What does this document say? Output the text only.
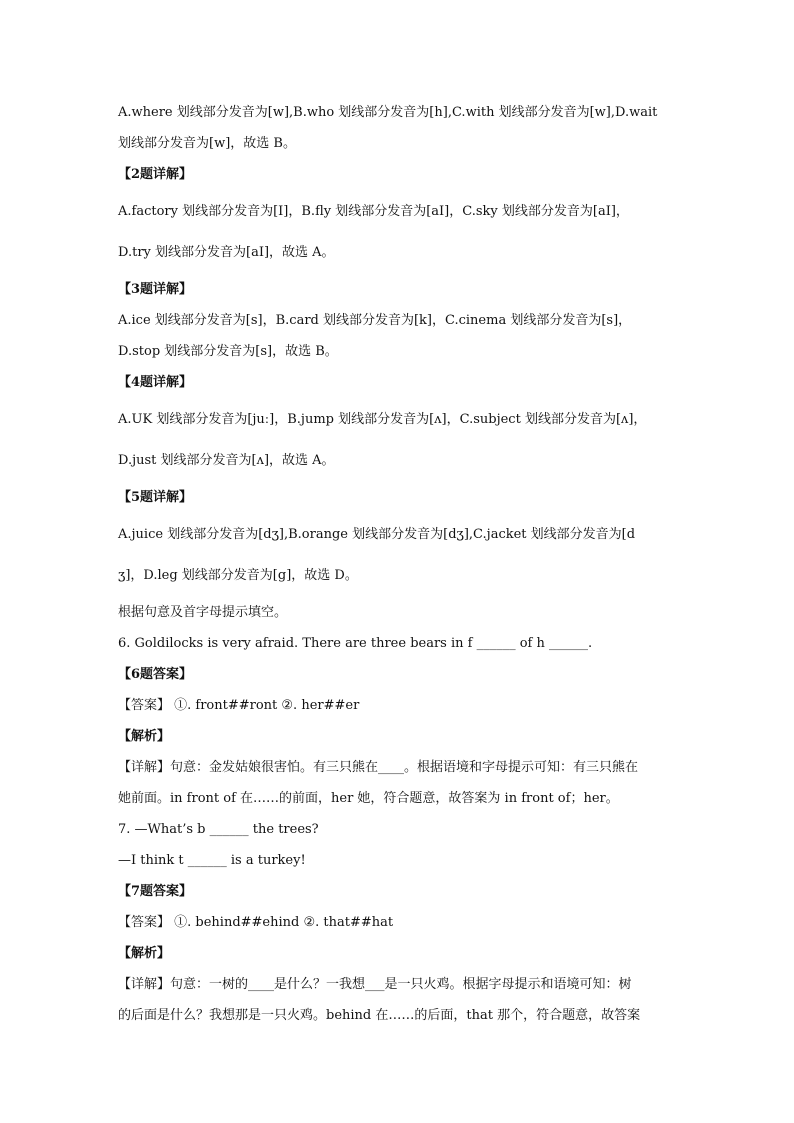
A.where 划线部分发音为[w],B.who 划线部分发音为[h],C.with 划线部分发音为[w],D.wait
划线部分发音为[w]，故选 B。
【2题详解】
A.factory 划线部分发音为[I]，B.fly 划线部分发音为[aI]，C.sky 划线部分发音为[aI]，
D.try 划线部分发音为[aI]，故选 A。
【3题详解】
A.ice 划线部分发音为[s]，B.card 划线部分发音为[k]，C.cinema 划线部分发音为[s]，
D.stop 划线部分发音为[s]，故选 B。
【4题详解】
A.UK 划线部分发音为[juː]，B.jump 划线部分发音为[ʌ]，C.subject 划线部分发音为[ʌ]，
D.just 划线部分发音为[ʌ]，故选 A。
【5题详解】
A.juice 划线部分发音为[dʒ],B.orange 划线部分发音为[dʒ],C.jacket 划线部分发音为[d
ʒ]，D.leg 划线部分发音为[g]，故选 D。
根据句意及首字母提示填空。
6. Goldilocks is very afraid. There are three bears in f ______ of h ______.
【6题答案】
【答案】 ①. front##ront ②. her##er
【解析】
【详解】句意：金发姑娘很害怕。有三只熊在____。根据语境和字母提示可知：有三只熊在
她前面。in front of 在……的前面，her 她，符合题意，故答案为 in front of；her。
7. —What’s b ______ the trees?
—I think t ______ is a turkey!
【7题答案】
【答案】 ①. behind##ehind ②. that##hat
【解析】
【详解】句意：一树的____是什么？一我想___是一只火鸡。根据字母提示和语境可知：树
的后面是什么？我想那是一只火鸡。behind 在……的后面，that 那个，符合题意，故答案
